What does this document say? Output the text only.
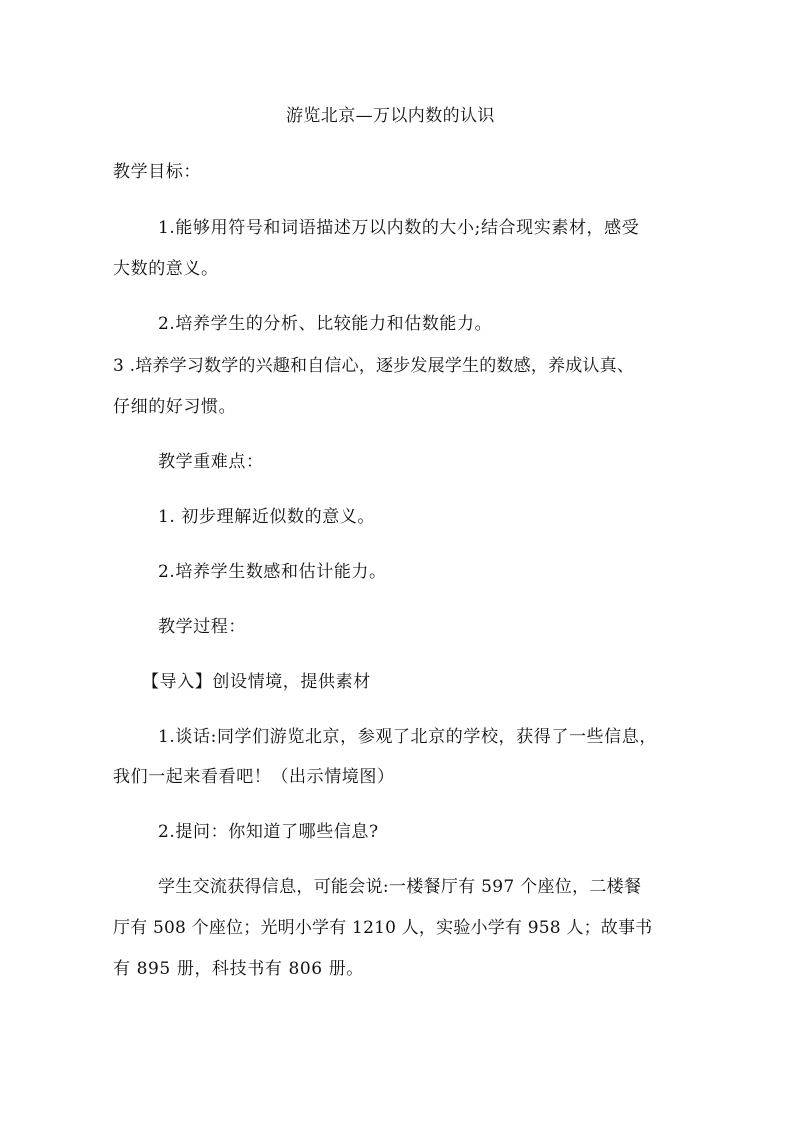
游览北京—万以内数的认识
教学目标：
1.能够用符号和词语描述万以内数的大小;结合现实素材，感受
大数的意义。
2.培养学生的分析、比较能力和估数能力。
3 .培养学习数学的兴趣和自信心，逐步发展学生的数感，养成认真、
仔细的好习惯。
教学重难点：
1. 初步理解近似数的意义。
2.培养学生数感和估计能力。
教学过程：
【导入】创设情境，提供素材
1.谈话:同学们游览北京，参观了北京的学校，获得了一些信息，
我们一起来看看吧！（出示情境图）
2.提问：你知道了哪些信息?
学生交流获得信息，可能会说:一楼餐厅有 597 个座位，二楼餐
厅有 508 个座位；光明小学有 1210 人，实验小学有 958 人；故事书
有 895 册，科技书有 806 册。
